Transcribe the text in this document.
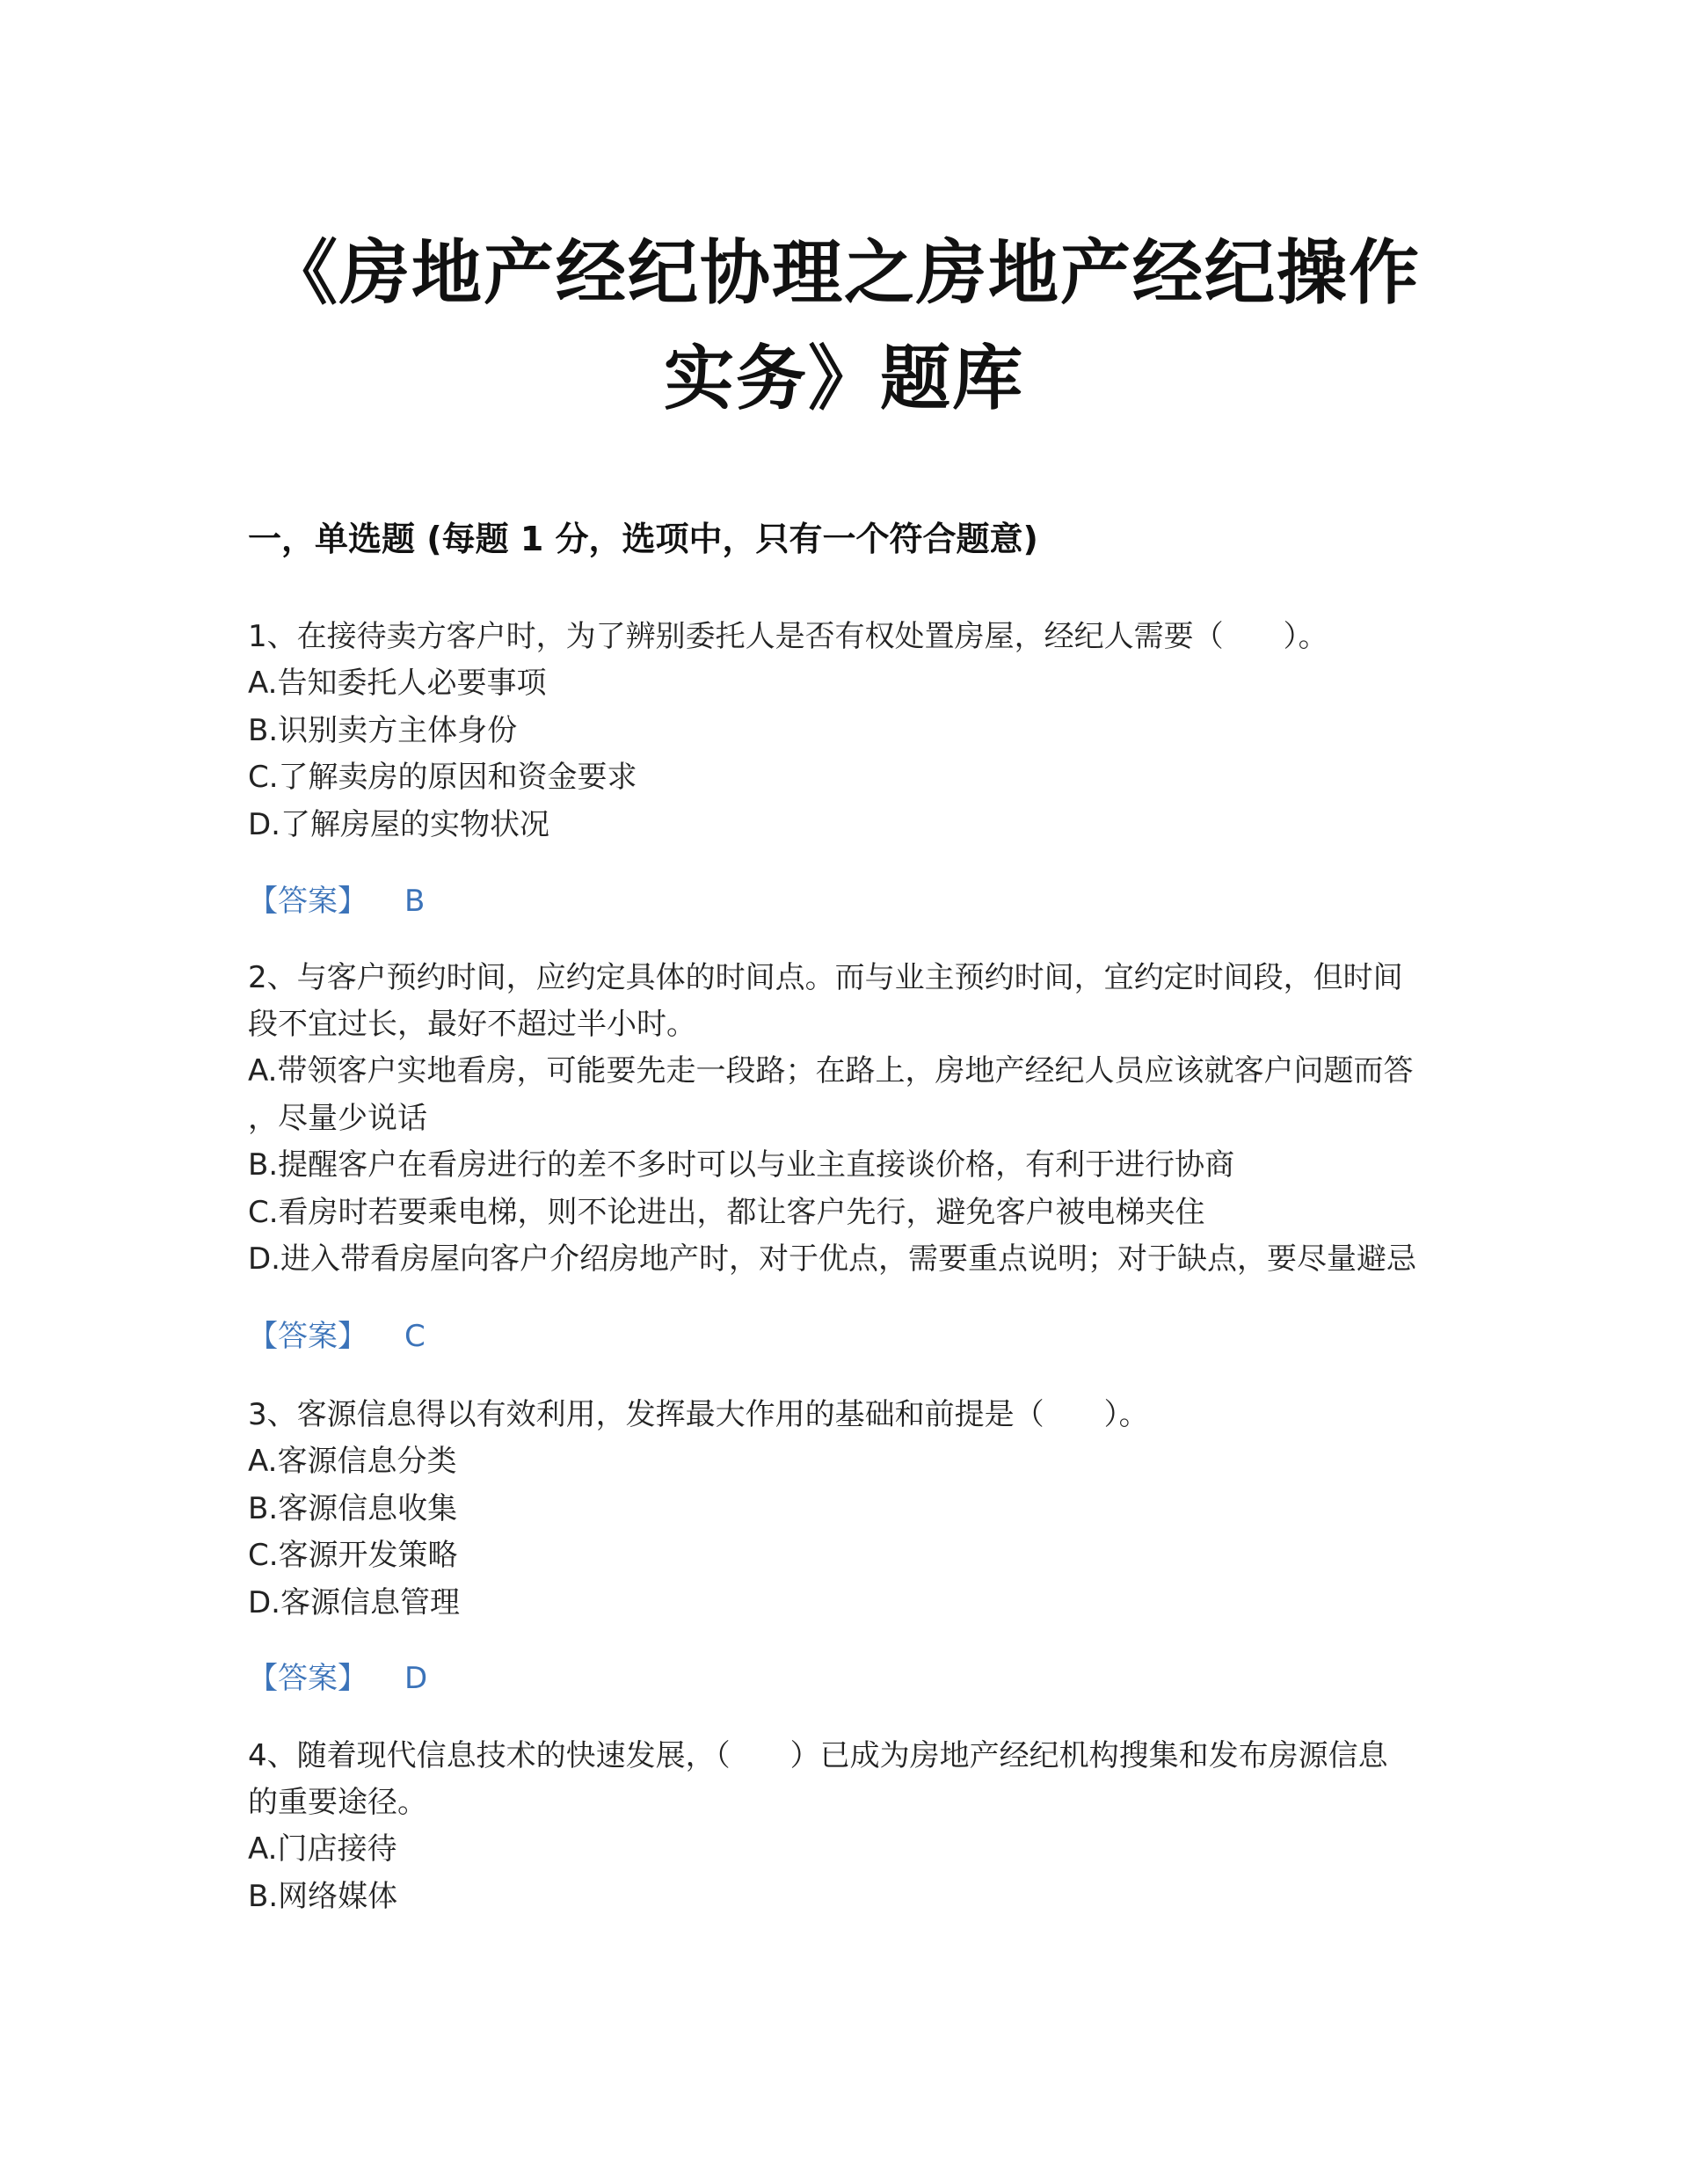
《房地产经纪协理之房地产经纪操作
实务》题库
一，单选题 (每题 1 分，选项中，只有一个符合题意)
1、在接待卖方客户时，为了辨别委托人是否有权处置房屋，经纪人需要（　　）。
A.告知委托人必要事项
B.识别卖方主体身份
C.了解卖房的原因和资金要求
D.了解房屋的实物状况
【答案】 B
2、与客户预约时间，应约定具体的时间点。而与业主预约时间，宜约定时间段，但时间
段不宜过长，最好不超过半小时。
A.带领客户实地看房，可能要先走一段路；在路上，房地产经纪人员应该就客户问题而答
，尽量少说话
B.提醒客户在看房进行的差不多时可以与业主直接谈价格，有利于进行协商
C.看房时若要乘电梯，则不论进出，都让客户先行，避免客户被电梯夹住
D.进入带看房屋向客户介绍房地产时，对于优点，需要重点说明；对于缺点，要尽量避忌
【答案】 C
3、客源信息得以有效利用，发挥最大作用的基础和前提是（　　）。
A.客源信息分类
B.客源信息收集
C.客源开发策略
D.客源信息管理
【答案】 D
4、随着现代信息技术的快速发展，（　　）已成为房地产经纪机构搜集和发布房源信息
的重要途径。
A.门店接待
B.网络媒体
